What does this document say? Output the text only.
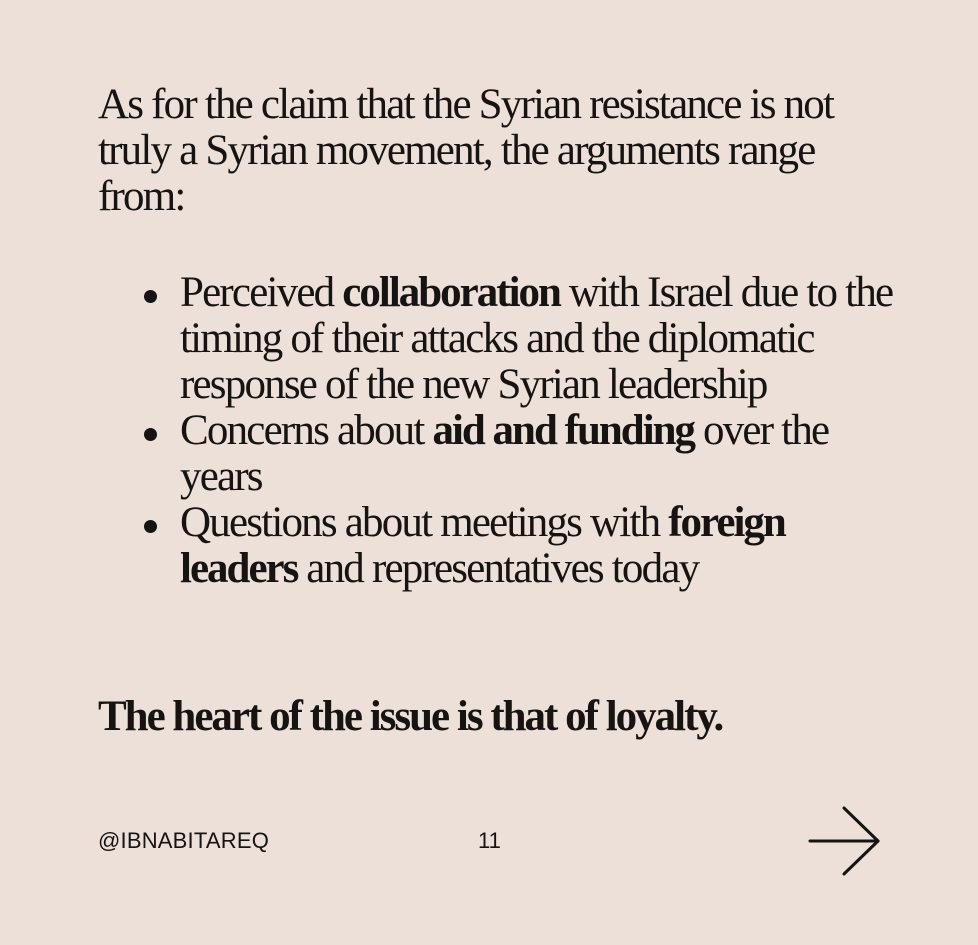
As for the claim that the Syrian resistance is not truly a Syrian movement, the arguments range from:

Perceived collaboration with Israel due to the timing of their attacks and the diplomatic response of the new Syrian leadership
Concerns about aid and funding over the years
Questions about meetings with foreign leaders and representatives today

The heart of the issue is that of loyalty.

@IBNABITAREQ	11
